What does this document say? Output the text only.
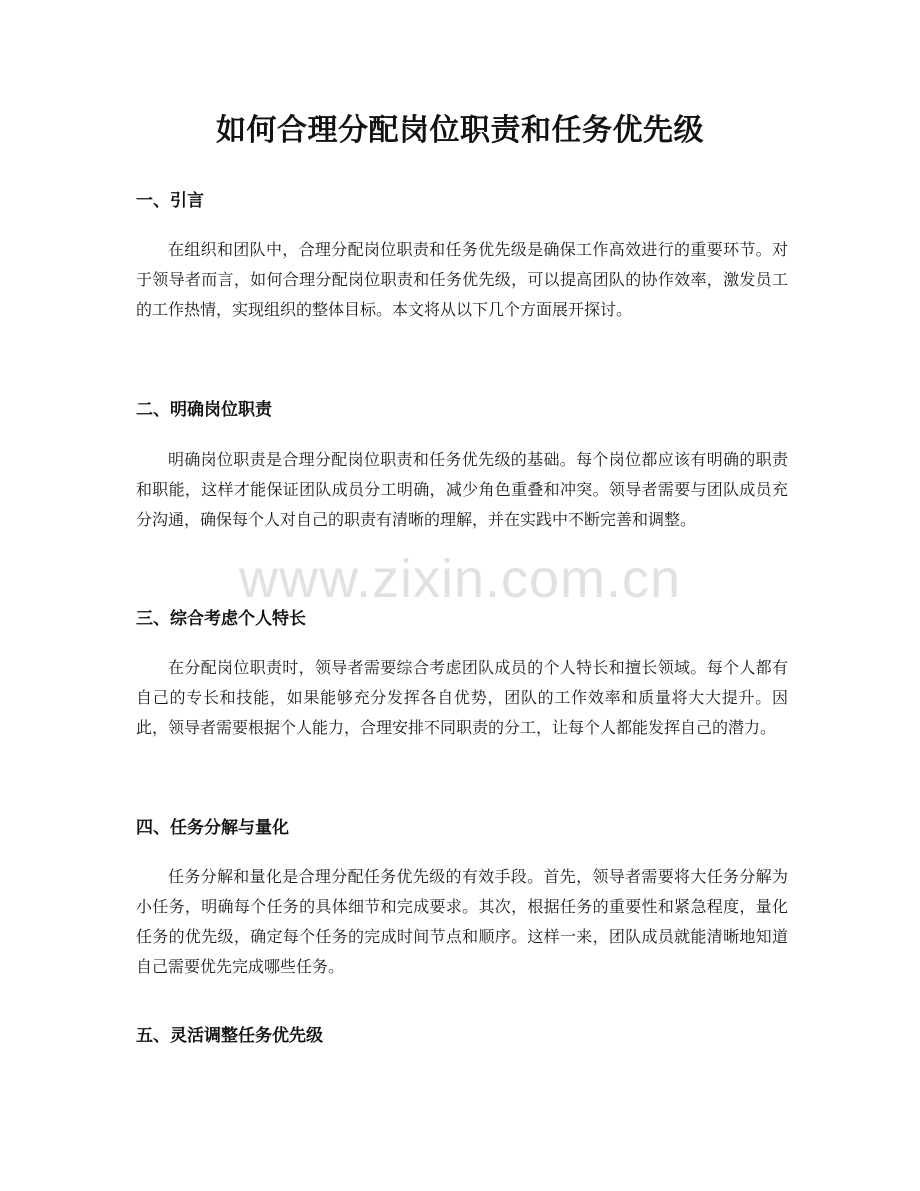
如何合理分配岗位职责和任务优先级
一、引言

在组织和团队中，合理分配岗位职责和任务优先级是确保工作高效进行的重要环节。对于领导者而言，如何合理分配岗位职责和任务优先级，可以提高团队的协作效率，激发员工的工作热情，实现组织的整体目标。本文将从以下几个方面展开探讨。

二、明确岗位职责

明确岗位职责是合理分配岗位职责和任务优先级的基础。每个岗位都应该有明确的职责和职能，这样才能保证团队成员分工明确，减少角色重叠和冲突。领导者需要与团队成员充分沟通，确保每个人对自己的职责有清晰的理解，并在实践中不断完善和调整。

三、综合考虑个人特长

在分配岗位职责时，领导者需要综合考虑团队成员的个人特长和擅长领域。每个人都有自己的专长和技能，如果能够充分发挥各自优势，团队的工作效率和质量将大大提升。因此，领导者需要根据个人能力，合理安排不同职责的分工，让每个人都能发挥自己的潜力。

四、任务分解与量化

任务分解和量化是合理分配任务优先级的有效手段。首先，领导者需要将大任务分解为小任务，明确每个任务的具体细节和完成要求。其次，根据任务的重要性和紧急程度，量化任务的优先级，确定每个任务的完成时间节点和顺序。这样一来，团队成员就能清晰地知道自己需要优先完成哪些任务。

五、灵活调整任务优先级
www.zixin.com.cn
